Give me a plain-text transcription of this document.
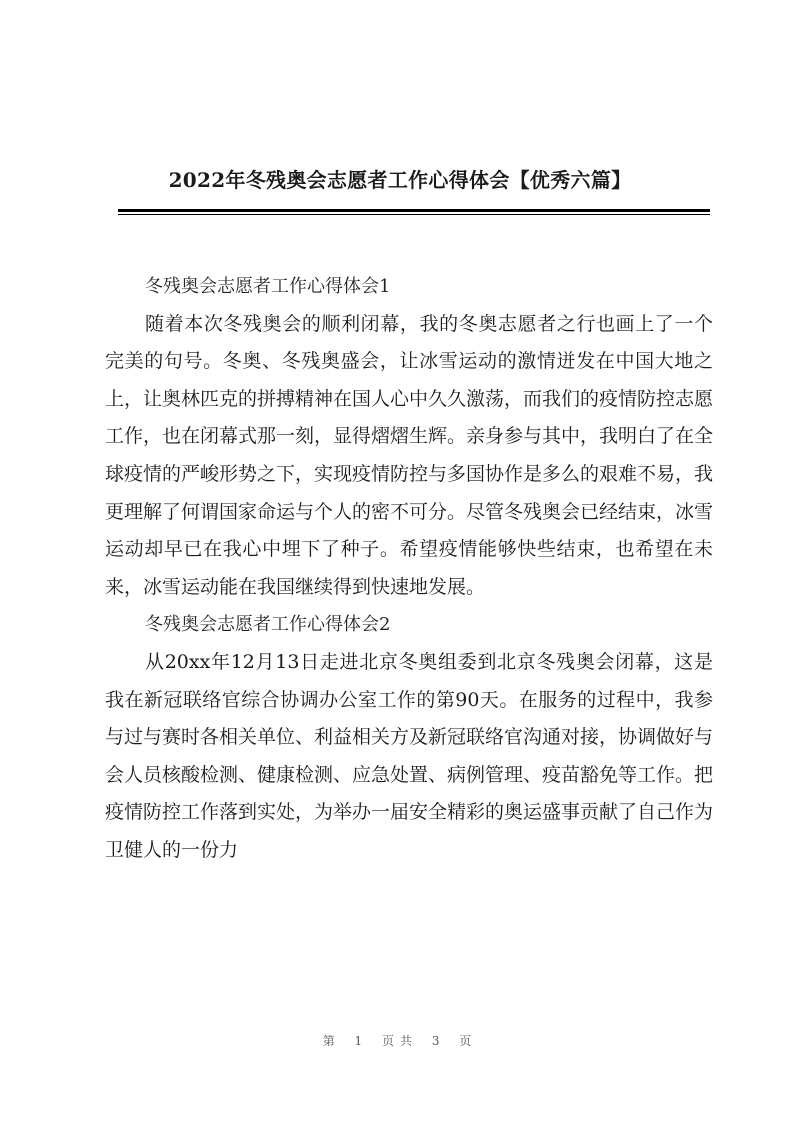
2022年冬残奥会志愿者工作心得体会【优秀六篇】

冬残奥会志愿者工作心得体会1

随着本次冬残奥会的顺利闭幕，我的冬奥志愿者之行也画上了一个完美的句号。冬奥、冬残奥盛会，让冰雪运动的激情迸发在中国大地之上，让奥林匹克的拼搏精神在国人心中久久激荡，而我们的疫情防控志愿工作，也在闭幕式那一刻，显得熠熠生辉。亲身参与其中，我明白了在全球疫情的严峻形势之下，实现疫情防控与多国协作是多么的艰难不易，我更理解了何谓国家命运与个人的密不可分。尽管冬残奥会已经结束，冰雪运动却早已在我心中埋下了种子。希望疫情能够快些结束，也希望在未来，冰雪运动能在我国继续得到快速地发展。

冬残奥会志愿者工作心得体会2

从20xx年12月13日走进北京冬奥组委到北京冬残奥会闭幕，这是我在新冠联络官综合协调办公室工作的第90天。在服务的过程中，我参与过与赛时各相关单位、利益相关方及新冠联络官沟通对接，协调做好与会人员核酸检测、健康检测、应急处置、病例管理、疫苗豁免等工作。把疫情防控工作落到实处，为举办一届安全精彩的奥运盛事贡献了自己作为卫健人的一份力

第 1 页共 3 页
